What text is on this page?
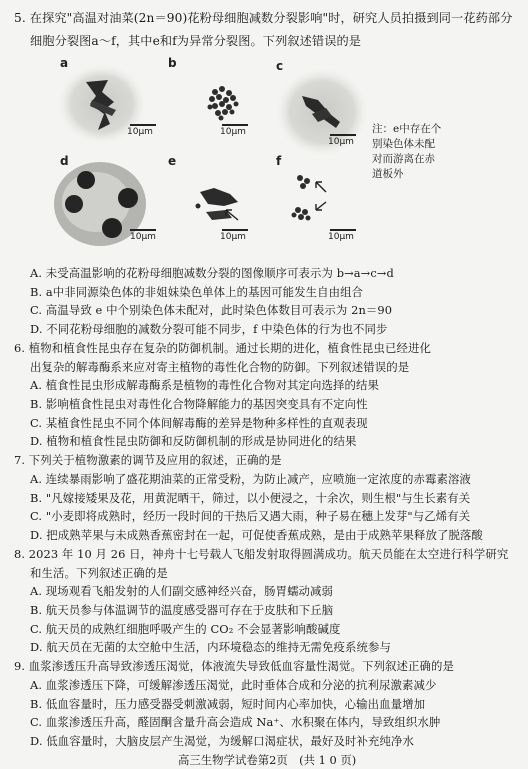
5. 在探究"高温对油菜(2n＝90)花粉母细胞减数分裂影响"时，研究人员拍摄到同一花药部分
细胞分裂图a～f，其中e和f为异常分裂图。下列叙述错误的是
a	b	c
d	e	f
10μm	10μm
10μm
10μm	10μm	10μm
注：e中存在个
别染色体未配
对而游离在赤
道板外
A. 未受高温影响的花粉母细胞减数分裂的图像顺序可表示为 b→a→c→d
B. a中非同源染色体的非姐妹染色单体上的基因可能发生自由组合
C. 高温导致 e 中个别染色体未配对，此时染色体数目可表示为 2n＝90
D. 不同花粉母细胞的减数分裂可能不同步，f 中染色体的行为也不同步
6. 植物和植食性昆虫存在复杂的防御机制。通过长期的进化，植食性昆虫已经进化
出复杂的解毒酶系来应对寄主植物的毒性化合物的防御。下列叙述错误的是
A. 植食性昆虫形成解毒酶系是植物的毒性化合物对其定向选择的结果
B. 影响植食性昆虫对毒性化合物降解能力的基因突变具有不定向性
C. 某植食性昆虫不同个体间解毒酶的差异是物种多样性的直观表现
D. 植物和植食性昆虫防御和反防御机制的形成是协同进化的结果
7. 下列关于植物激素的调节及应用的叙述，正确的是
A. 连续暴雨影响了盛花期油菜的正常受粉，为防止减产，应喷施一定浓度的赤霉素溶液
B. "凡嫁接矮果及花，用黄泥晒干，筛过，以小便浸之，十余次，则生根"与生长素有关
C. "小麦即将成熟时，经历一段时间的干热后又遇大雨，种子易在穗上发芽"与乙烯有关
D. 把成熟苹果与未成熟香蕉密封在一起，可促使香蕉成熟，是由于成熟苹果释放了脱落酸
8. 2023 年 10 月 26 日，神舟十七号载人飞船发射取得圆满成功。航天员能在太空进行科学研究
和生活。下列叙述正确的是
A. 现场观看飞船发射的人们副交感神经兴奋，肠胃蠕动减弱
B. 航天员参与体温调节的温度感受器可存在于皮肤和下丘脑
C. 航天员的成熟红细胞呼吸产生的 CO₂ 不会显著影响酸碱度
D. 航天员在无菌的太空舱中生活，内环境稳态的维持无需免疫系统参与
9. 血浆渗透压升高导致渗透压渴觉，体液流失导致低血容量性渴觉。下列叙述正确的是
A. 血浆渗透压下降，可缓解渗透压渴觉，此时垂体合成和分泌的抗利尿激素减少
B. 低血容量时，压力感受器受刺激减弱，短时间内心率加快，心输出血量增加
C. 血浆渗透压升高，醛固酮含量升高会造成 Na⁺、水积聚在体内，导致组织水肿
D. 低血容量时，大脑皮层产生渴觉，为缓解口渴症状，最好及时补充纯净水
高三生物学试卷第2页　(共 1 0 页)
